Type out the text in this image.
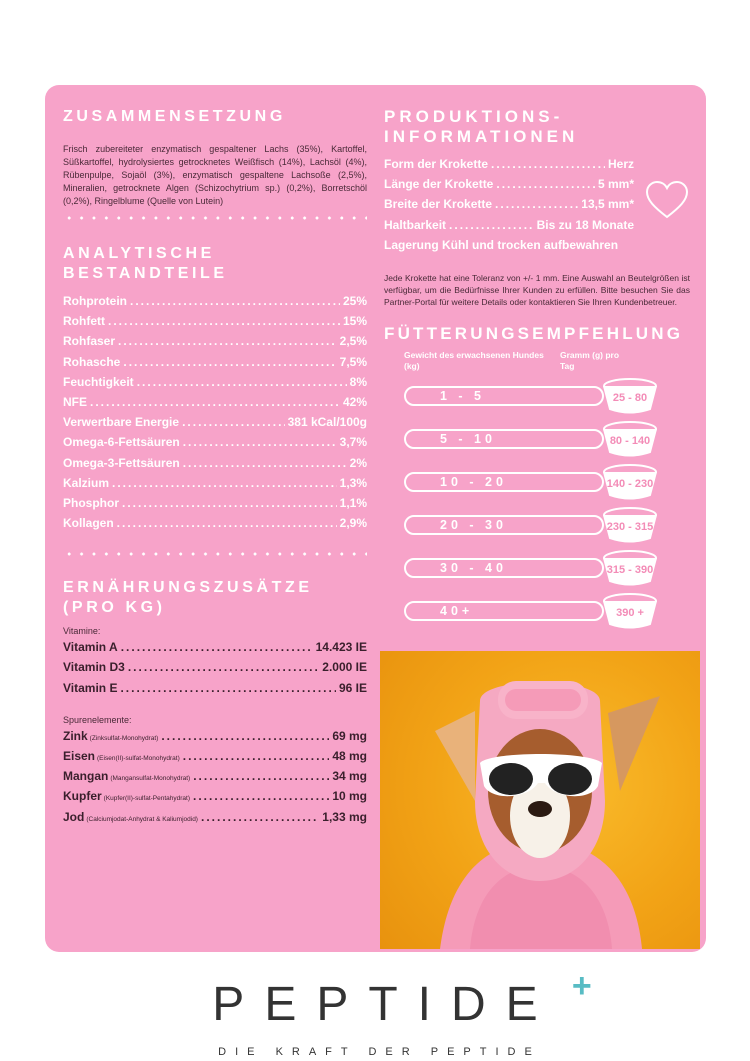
ZUSAMMENSETZUNG

Frisch zubereiteter enzymatisch gespaltener Lachs (35%), Kartoffel, Süßkartoffel, hydrolysiertes getrocknetes Weißfisch (14%), Lachsöl (4%), Rübenpulpe, Sojaöl (3%), enzymatisch gespaltene Lachsoße (2,5%), Mineralien, getrocknete Algen (Schizochytrium sp.) (0,2%), Borretschöl (0,2%), Ringelblume (Quelle von Lutein)

ANALYTISCHE
BESTANDTEILE
Rohprotein .....	25%
Rohfett .....	15%
Rohfaser .....	2,5%
Rohasche .....	7,5%
Feuchtigkeit .....	8%
NFE .....	42%
Verwertbare Energie .....	381 kCal/100g
Omega-6-Fettsäuren .....	3,7%
Omega-3-Fettsäuren .....	2%
Kalzium .....	1,3%
Phosphor .....	1,1%
Kollagen .....	2,9%
ERNÄHRUNGSZUSÄTZE
(PRO KG)
Vitamine:
Vitamin A .....	14.423 IE
Vitamin D3 .....	2.000 IE
Vitamin E .....	96 IE
Spurenelemente:
Zink (Zinksulfat-Monohydrat) .....	69 mg
Eisen (Eisen(II)-sulfat-Monohydrat) .....	48 mg
Mangan (Mangansulfat-Monohydrat) .....	34 mg
Kupfer (Kupfer(II)-sulfat-Pentahydrat) .....	10 mg
Jod (Calciumjodat-Anhydrat & Kaliumjodid) .....	1,33 mg
PRODUKTIONS-
INFORMATIONEN
Form der Krokette .....	Herz
Länge der Krokette .....	5 mm*
Breite der Krokette .....	13,5 mm*
Haltbarkeit .....	Bis zu 18 Monate
Lagerung Kühl und trocken aufbewahren

Jede Krokette hat eine Toleranz von +/- 1 mm. Eine Auswahl an Beutelgrößen ist verfügbar, um die Bedürfnisse Ihrer Kunden zu erfüllen. Bitte besuchen Sie das Partner-Portal für weitere Details oder kontaktieren Sie Ihren Kundenbetreuer.

FÜTTERUNGSEMPFEHLUNG
Gewicht des erwachsenen Hundes (kg)
Gramm (g) pro Tag
1 - 5	25 - 80
5 - 10	80 - 140
10 - 20	140 - 230
20 - 30	230 - 315
30 - 40	315 - 390
40+	390 +
PEPTIDE +
DIE KRAFT DER PEPTIDE
